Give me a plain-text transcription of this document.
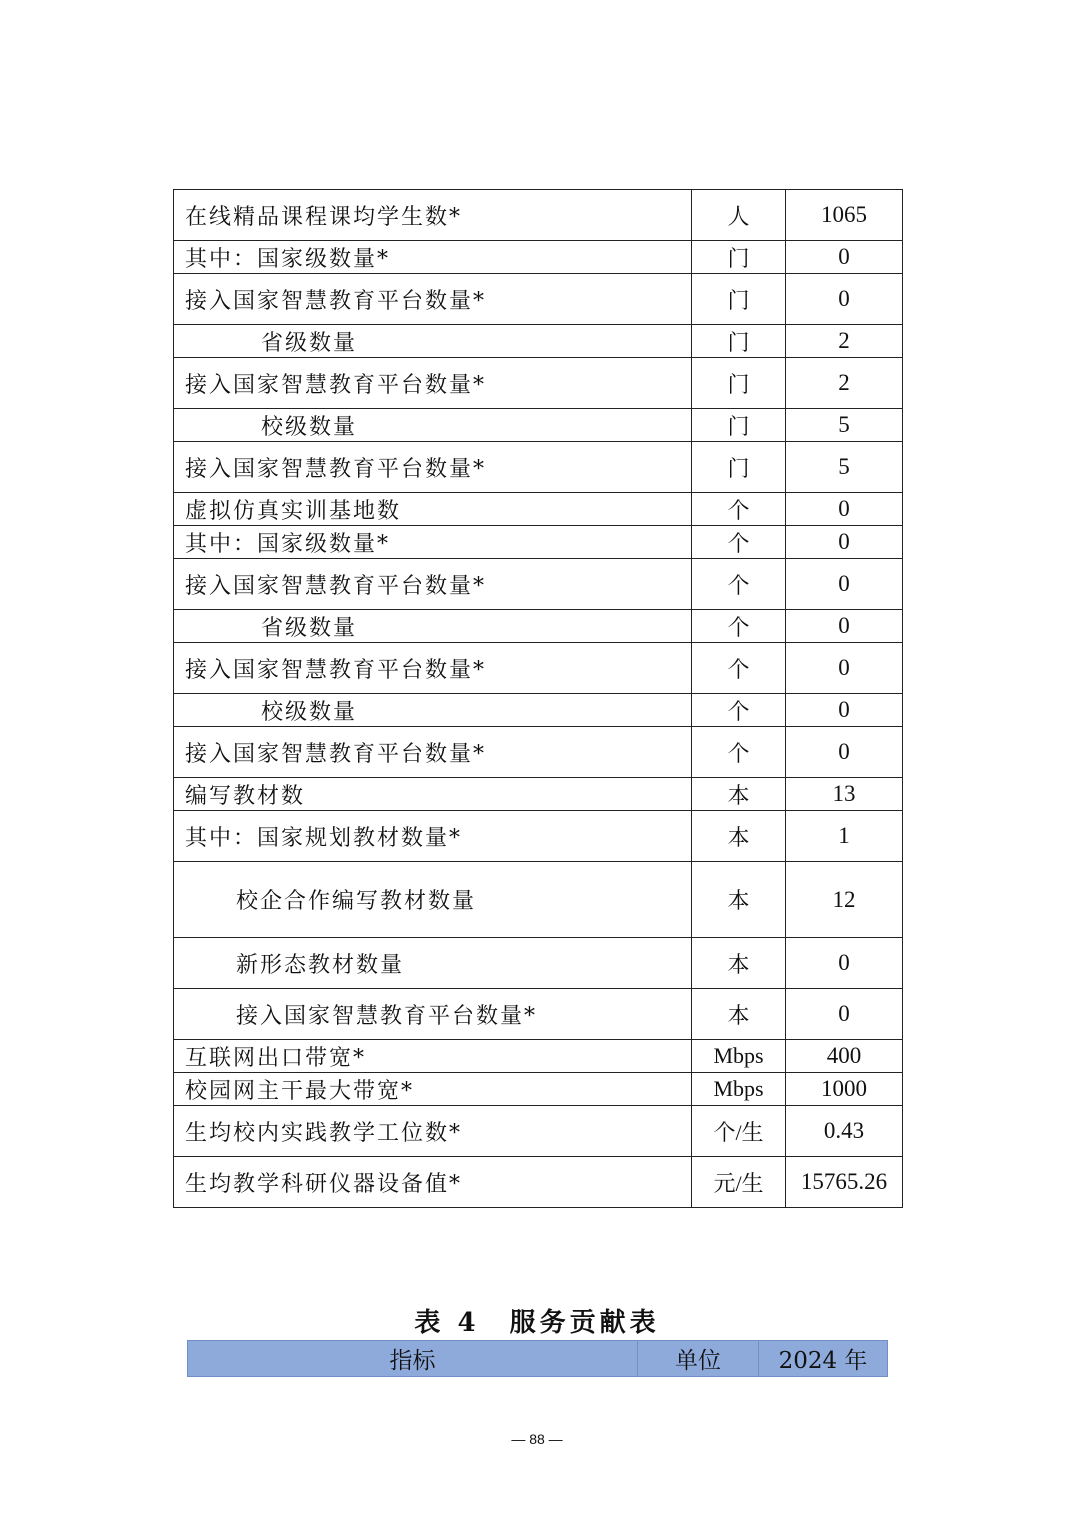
在线精品课程课均学生数*	人	1065
其中：国家级数量*	门	0
接入国家智慧教育平台数量*	门	0
省级数量	门	2
接入国家智慧教育平台数量*	门	2
校级数量	门	5
接入国家智慧教育平台数量*	门	5
虚拟仿真实训基地数	个	0
其中：国家级数量*	个	0
接入国家智慧教育平台数量*	个	0
省级数量	个	0
接入国家智慧教育平台数量*	个	0
校级数量	个	0
接入国家智慧教育平台数量*	个	0
编写教材数	本	13
其中：国家规划教材数量*	本	1
校企合作编写教材数量	本	12
新形态教材数量	本	0
接入国家智慧教育平台数量*	本	0
互联网出口带宽*	Mbps	400
校园网主干最大带宽*	Mbps	1000
生均校内实践教学工位数*	个/生	0.43
生均教学科研仪器设备值*	元/生	15765.26
表 4　服务贡献表
指标	单位	2024 年
— 88 —
